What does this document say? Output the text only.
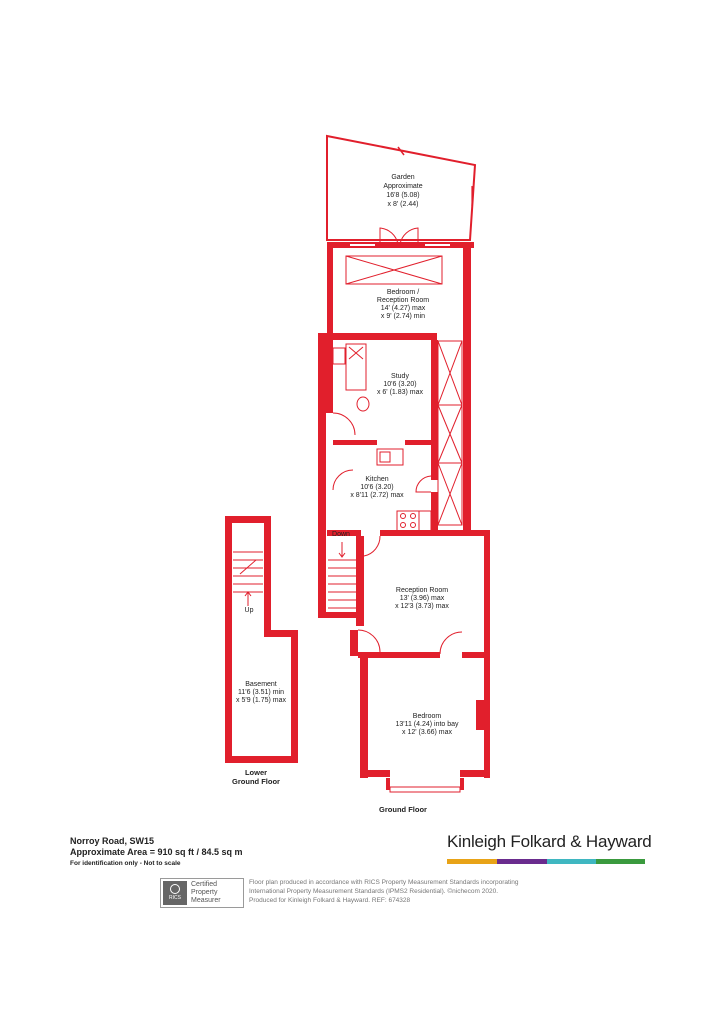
Garden
Approximate
16'8 (5.08)
x 8' (2.44)
Bedroom /
Reception Room
14' (4.27) max
x 9' (2.74) min
Study
10'6 (3.20)
x 6' (1.83) max
Kitchen
10'6 (3.20)
x 8'11 (2.72) max
Reception Room
13' (3.96) max
x 12'3 (3.73) max
Bedroom
13'11 (4.24) into bay
x 12' (3.66) max
Basement
11'6 (3.51) min
x 5'9 (1.75) max
Down
Up
Lower
Ground Floor
Ground Floor
Norroy Road, SW15
Approximate Area = 910 sq ft / 84.5 sq m
For identification only - Not to scale
Kinleigh Folkard & Hayward
RICS
Certified
Property
Measurer
Floor plan produced in accordance with RICS Property Measurement Standards incorporating
International Property Measurement Standards (IPMS2 Residential). ©nichecom 2020.
Produced for Kinleigh Folkard & Hayward. REF: 674328
